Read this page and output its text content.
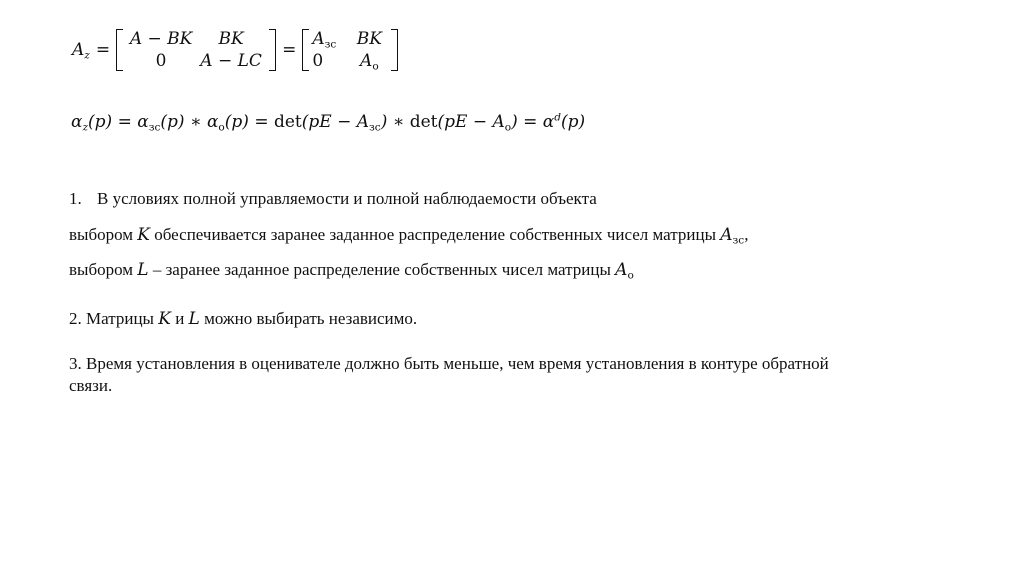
$A_z$ =
A − BK	BK
0	A − LC
=
$A_{зс}$	BK
0	$A_о$
$\alpha_z(p) = \alpha_{зс}(p)$ ∗ $\alpha_о(p) = \det(pE - A_{зс})$ ∗ $\det(pE - A_о) = \alpha^d(p)$
1. В условиях полной управляемости и полной наблюдаемости объекта
выбором K обеспечивается заранее заданное распределение собственных чисел матрицы $A_{зс}$,
выбором L – заранее заданное распределение собственных чисел матрицы $A_о$
2. Матрицы K и L можно выбирать независимо.
3. Время установления в оценивателе должно быть меньше, чем время установления в контуре обратной связи.
